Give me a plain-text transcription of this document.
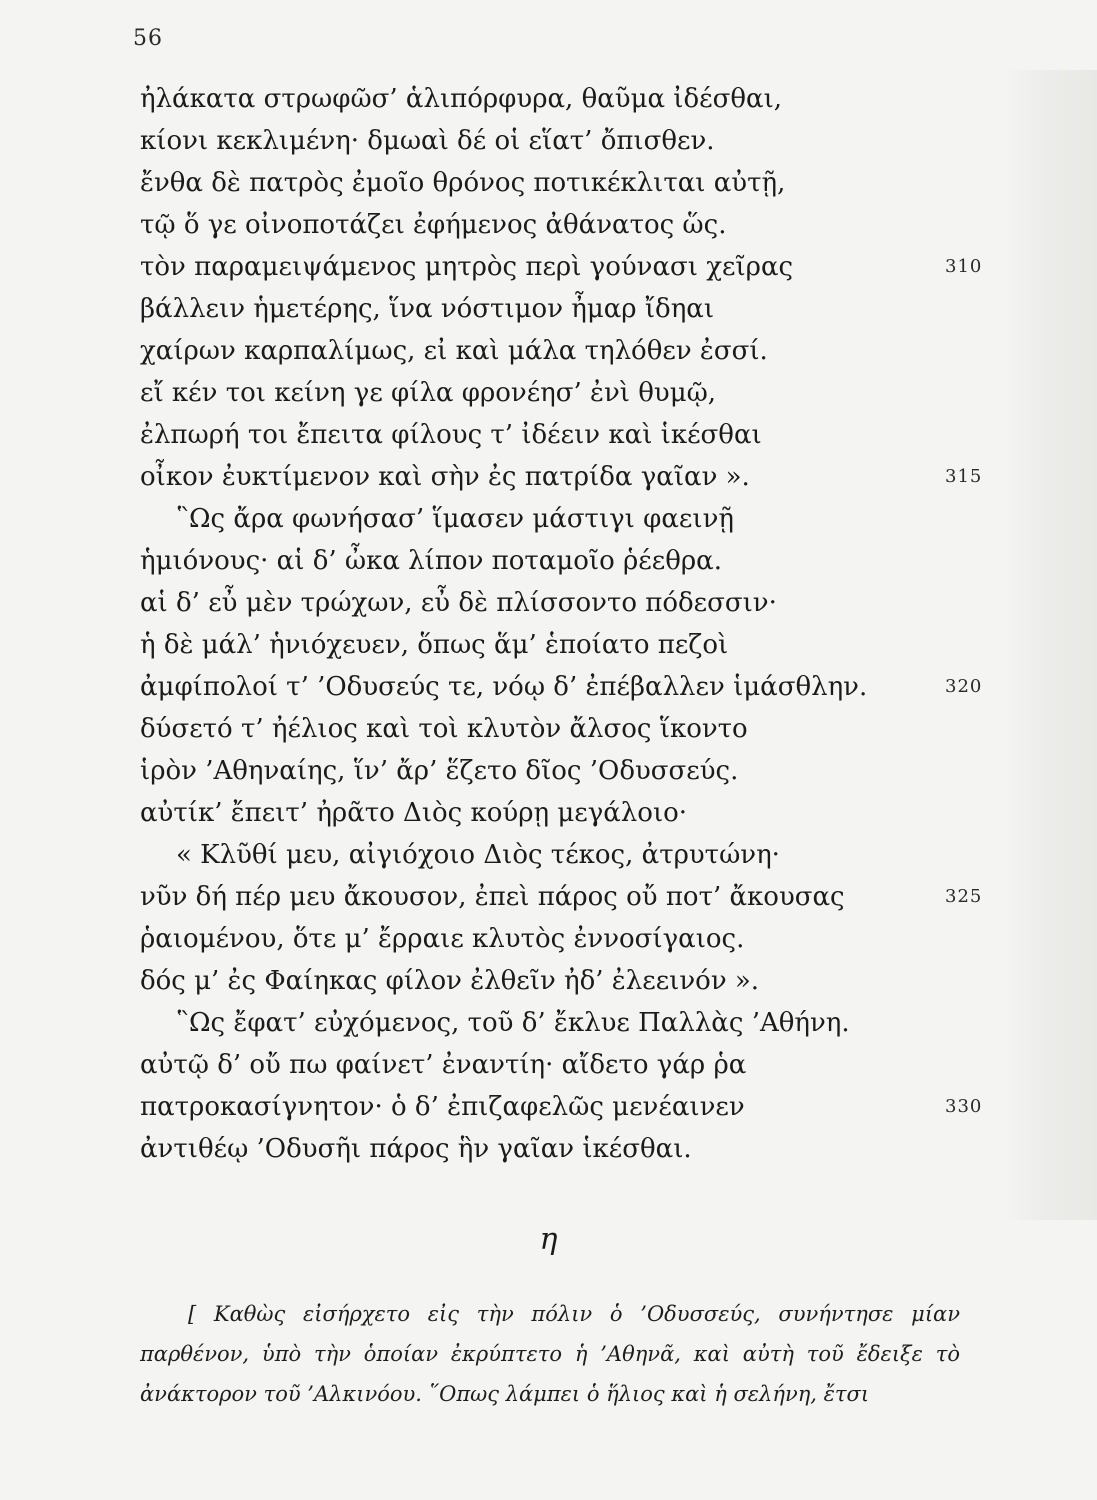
56
ἠλάκατα στρωφῶσ’ ἁλιπόρφυρα, θαῦμα ἰδέσθαι,
κίονι κεκλιμένη· δμωαὶ δέ οἱ εἵατ’ ὄπισθεν.
ἔνθα δὲ πατρὸς ἐμοῖο θρόνος ποτικέκλιται αὐτῇ,
τῷ ὅ γε οἰνοποτάζει ἐφήμενος ἀθάνατος ὥς.
τὸν παραμειψάμενος μητρὸς περὶ γούνασι χεῖρας	310
βάλλειν ἡμετέρης, ἵνα νόστιμον ἦμαρ ἴδηαι
χαίρων καρπαλίμως, εἰ καὶ μάλα τηλόθεν ἐσσί.
εἴ κέν τοι κείνη γε φίλα φρονέησ’ ἐνὶ θυμῷ,
ἐλπωρή τοι ἔπειτα φίλους τ’ ἰδέειν καὶ ἱκέσθαι
οἶκον ἐυκτίμενον καὶ σὴν ἐς πατρίδα γαῖαν ».	315
῝Ως ἄρα φωνήσασ’ ἵμασεν μάστιγι φαεινῇ
ἡμιόνους· αἱ δ’ ὦκα λίπον ποταμοῖο ῥέεθρα.
αἱ δ’ εὖ μὲν τρώχων, εὖ δὲ πλίσσοντο πόδεσσιν·
ἡ δὲ μάλ’ ἡνιόχευεν, ὅπως ἅμ’ ἑποίατο πεζοὶ
ἀμφίπολοί τ’ ’Οδυσεύς τε, νόῳ δ’ ἐπέβαλλεν ἱμάσθλην.	320
δύσετό τ’ ἠέλιος καὶ τοὶ κλυτὸν ἄλσος ἵκοντο
ἱρὸν ’Αθηναίης, ἵν’ ἄρ’ ἕζετο δῖος ’Οδυσσεύς.
αὐτίκ’ ἔπειτ’ ἠρᾶτο Διὸς κούρῃ μεγάλοιο·
« Κλῦθί μευ, αἰγιόχοιο Διὸς τέκος, ἀτρυτώνη·
νῦν δή πέρ μευ ἄκουσον, ἐπεὶ πάρος οὔ ποτ’ ἄκουσας	325
ῥαιομένου, ὅτε μ’ ἔρραιε κλυτὸς ἐννοσίγαιος.
δός μ’ ἐς Φαίηκας φίλον ἐλθεῖν ἠδ’ ἐλεεινόν ».
῝Ως ἔφατ’ εὐχόμενος, τοῦ δ’ ἔκλυε Παλλὰς ’Αθήνη.
αὐτῷ δ’ οὔ πω φαίνετ’ ἐναντίη· αἴδετο γάρ ῥα
πατροκασίγνητον· ὁ δ’ ἐπιζαφελῶς μενέαινεν	330
ἀντιθέῳ ’Οδυσῆι πάρος ἣν γαῖαν ἱκέσθαι.
η
[ Καθὼς εἰσήρχετο εἰς τὴν πόλιν ὁ ’Οδυσσεύς, συνήντησε μίαν παρθένον, ὑπὸ τὴν ὁποίαν ἐκρύπτετο ἡ ’Αθηνᾶ, καὶ αὐτὴ τοῦ ἔδειξε τὸ ἀνάκτορον τοῦ ’Αλκινόου. ῞Οπως λάμπει ὁ ἥλιος καὶ ἡ σελήνη, ἔτσι
